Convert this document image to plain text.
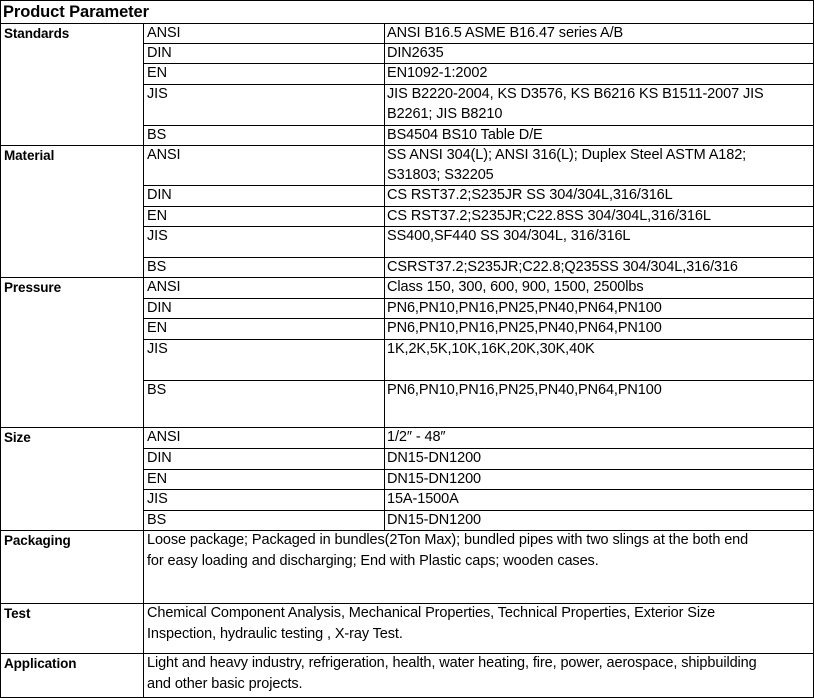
Product Parameter
Standards	ANSI	ANSI B16.5 ASME B16.47 series A/B
DIN	DIN2635
EN	EN1092-1:2002
JIS	JIS B2220-2004, KS D3576, KS B6216 KS B1511-2007 JIS
B2261; JIS B8210
BS	BS4504 BS10 Table D/E
Material	ANSI	SS ANSI 304(L); ANSI 316(L); Duplex Steel ASTM A182;
S31803; S32205
DIN	CS RST37.2;S235JR SS 304/304L,316/316L
EN	CS RST37.2;S235JR;C22.8SS 304/304L,316/316L
JIS	SS400,SF440 SS 304/304L, 316/316L
BS	CSRST37.2;S235JR;C22.8;Q235SS 304/304L,316/316
Pressure	ANSI	Class 150, 300, 600, 900, 1500, 2500lbs
DIN	PN6,PN10,PN16,PN25,PN40,PN64,PN100
EN	PN6,PN10,PN16,PN25,PN40,PN64,PN100
JIS	1K,2K,5K,10K,16K,20K,30K,40K
BS	PN6,PN10,PN16,PN25,PN40,PN64,PN100
Size	ANSI	1/2″ - 48″
DIN	DN15-DN1200
EN	DN15-DN1200
JIS	15A-1500A
BS	DN15-DN1200
Packaging	Loose package; Packaged in bundles(2Ton Max); bundled pipes with two slings at the both end
for easy loading and discharging; End with Plastic caps; wooden cases.
Test	Chemical Component Analysis, Mechanical Properties, Technical Properties, Exterior Size
Inspection, hydraulic testing , X-ray Test.
Application	Light and heavy industry, refrigeration, health, water heating, fire, power, aerospace, shipbuilding
and other basic projects.
